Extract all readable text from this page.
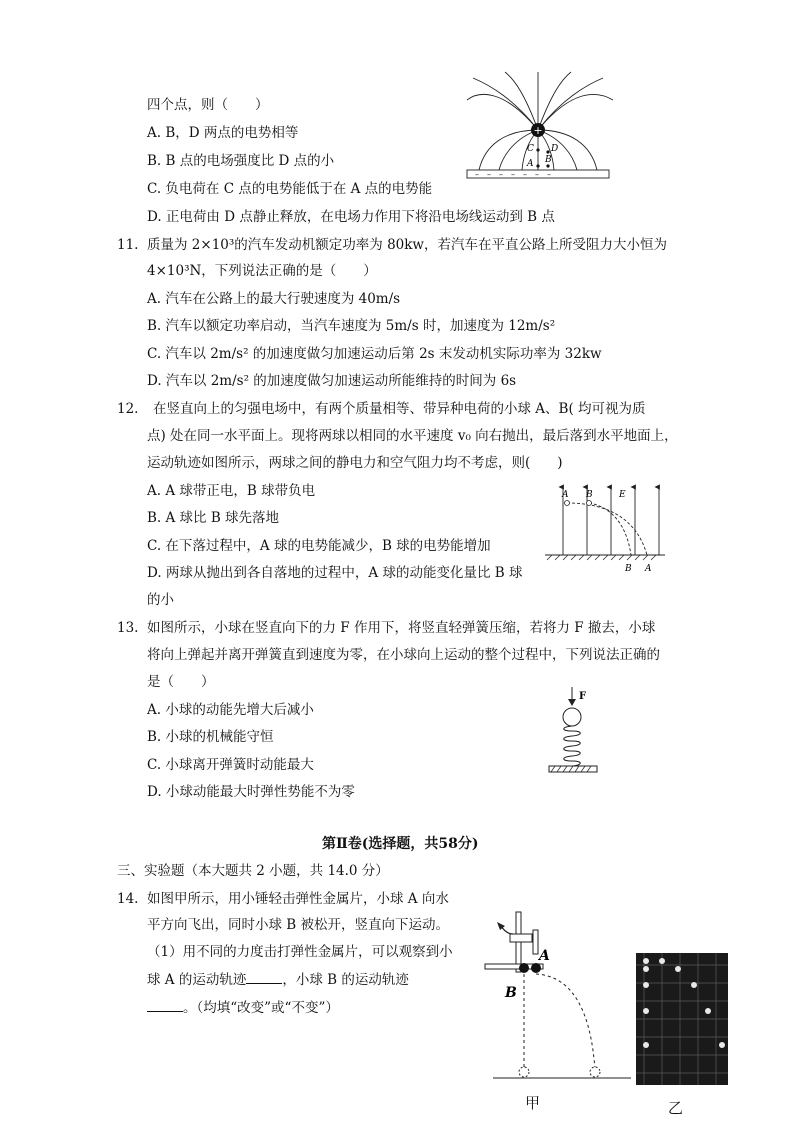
四个点，则（　　）
A. B，D 两点的电势相等
B. B 点的电场强度比 D 点的小
C. 负电荷在 C 点的电势能低于在 A 点的电势能
D. 正电荷由 D 点静止释放，在电场力作用下将沿电场线运动到 B 点
+
–　–　–　–　–　–　–
C D
A B
11. 质量为 2×10³的汽车发动机额定功率为 80kw，若汽车在平直公路上所受阻力大小恒为
4×10³N，下列说法正确的是（　　）
A. 汽车在公路上的最大行驶速度为 40m/s
B. 汽车以额定功率启动，当汽车速度为 5m/s 时，加速度为 12m/s²
C. 汽车以 2m/s² 的加速度做匀加速运动后第 2s 末发动机实际功率为 32kw
D. 汽车以 2m/s² 的加速度做匀加速运动所能维持的时间为 6s
12. 在竖直向上的匀强电场中，有两个质量相等、带异种电荷的小球 A、B( 均可视为质
点) 处在同一水平面上。现将两球以相同的水平速度 v₀ 向右抛出，最后落到水平地面上，
运动轨迹如图所示，两球之间的静电力和空气阻力均不考虑，则(　　)
A. A 球带正电，B 球带负电
B. A 球比 B 球先落地
C. 在下落过程中，A 球的电势能减少，B 球的电势能增加
D. 两球从抛出到各自落地的过程中，A 球的动能变化量比 B 球
的小
A B	E
B A
13. 如图所示，小球在竖直向下的力 F 作用下，将竖直轻弹簧压缩，若将力 F 撤去，小球
将向上弹起并离开弹簧直到速度为零，在小球向上运动的整个过程中，下列说法正确的
是（　　）
A. 小球的动能先增大后减小
B. 小球的机械能守恒
C. 小球离开弹簧时动能最大
D. 小球动能最大时弹性势能不为零
F
第Ⅱ卷(选择题，共58分)
三、实验题（本大题共 2 小题，共 14.0 分）
14. 如图甲所示，用小锤轻击弹性金属片，小球 A 向水
平方向飞出，同时小球 B 被松开，竖直向下运动。
（1）用不同的力度击打弹性金属片，可以观察到小
球 A 的运动轨迹	，小球 B 的运动轨迹
。（均填“改变”或“不变”）
A
B
甲	乙
